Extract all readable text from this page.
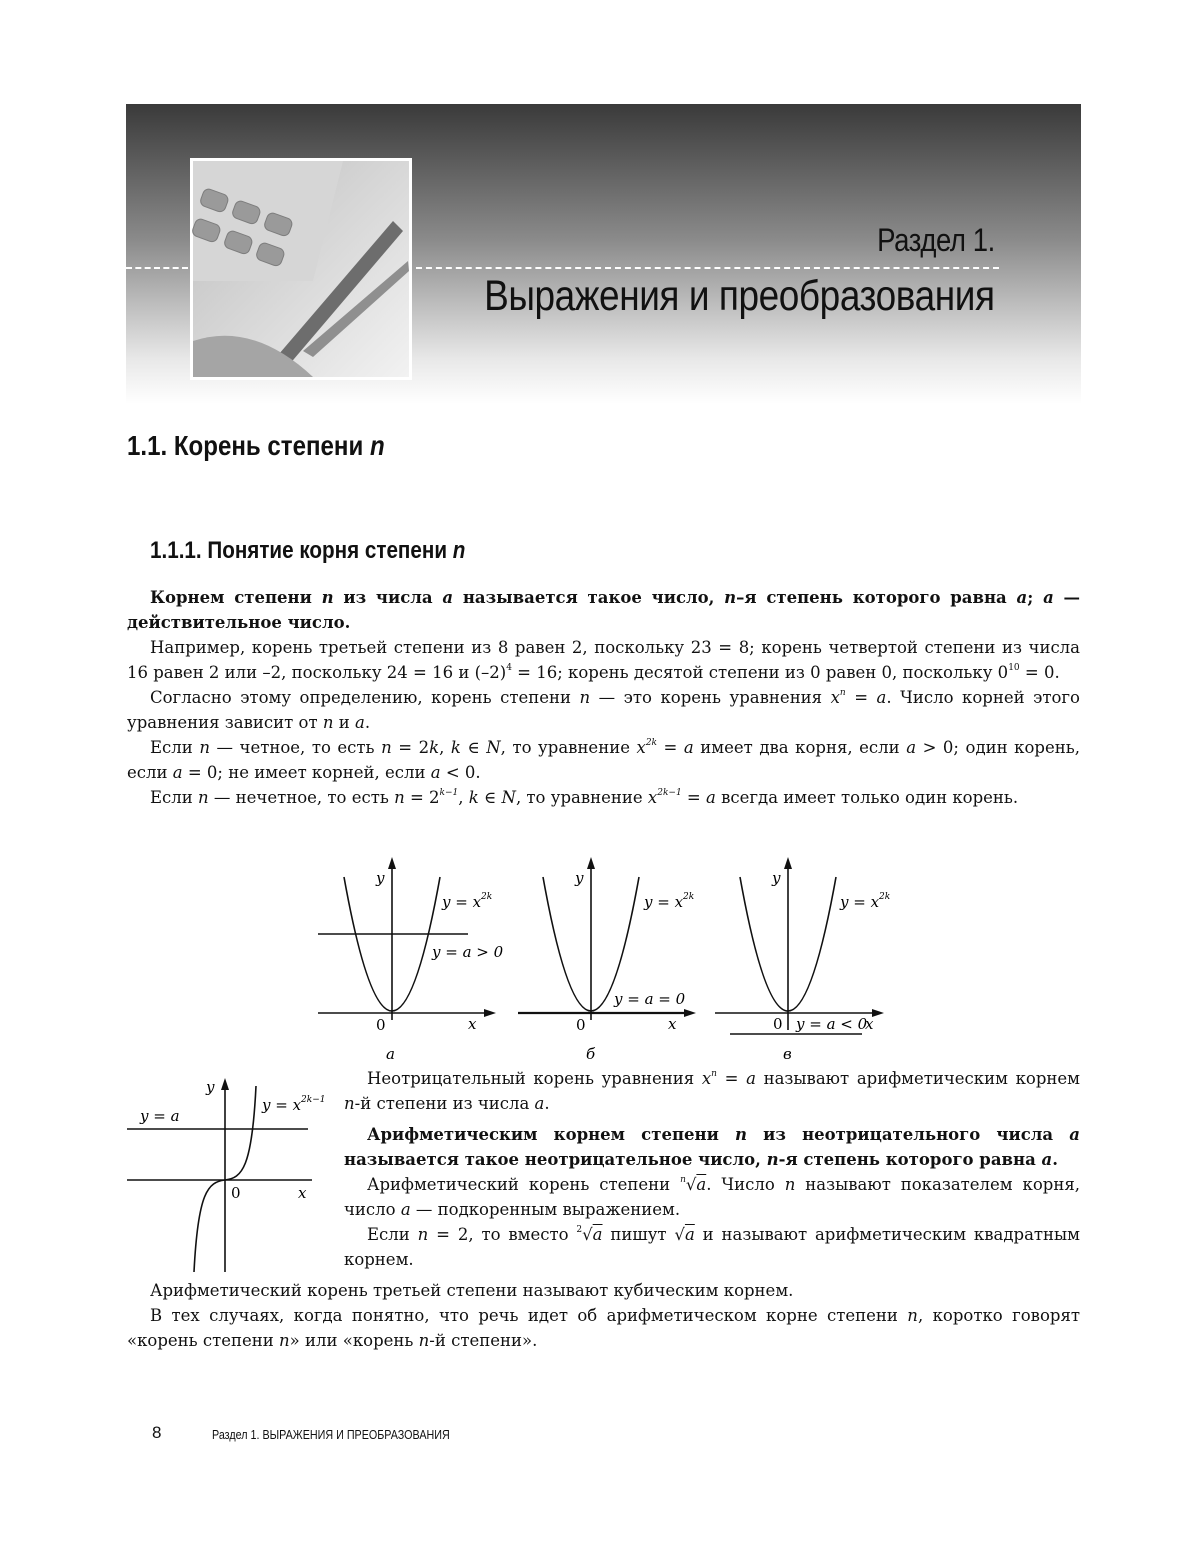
Раздел 1.
Выражения и преобразования
1.1. Корень степени n
1.1.1. Понятие корня степени n

Корнем степени n из числа a называется такое число, n–я степень которого равна a; a — действительное число.

Например, корень третьей степени из 8 равен 2, поскольку 23 = 8; корень четвертой степени из числа 16 равен 2 или –2, поскольку 24 = 16 и $(-2)^4 = 16$; корень десятой степени из 0 равен 0, поскольку $0^{10} = 0$.

Согласно этому определению, корень степени n — это корень уравнения $x^n = a$. Число корней этого уравнения зависит от n и a.

Если n — четное, то есть n = 2k, k ∈ N, то уравнение $x^{2k} = a$ имеет два корня, если a > 0; один корень, если a = 0; не имеет корней, если a < 0.

Если n — нечетное, то есть $n = 2^{k-1}$, k ∈ N, то уравнение $x^{2k-1} = a$ всегда имеет только один корень.

y
$y = x^{2k}$
y = a > 0
0	x
а
y
$y = x^{2k}$
y = a = 0
0	x
б
y
$y = x^{2k}$
y = a < 0
0	x
в
y
$y = x^{2k-1}$
y = a
0	x

Неотрицательный корень уравнения $x^n = a$ называют арифметическим корнем n-й степени из числа a.

Арифметическим корнем степени n из неотрицательного числа a называется такое неотрицательное число, n-я степень которого равна a.

Арифметический корень степени $^n$√a. Число n называют показателем корня, число a — подкоренным выражением.

Если n = 2, то вместо $^2$√a пишут √a и называют арифметическим квадратным корнем.

Арифметический корень третьей степени называют кубическим корнем.

В тех случаях, когда понятно, что речь идет об арифметическом корне степени n, коротко говорят «корень степени n» или «корень n-й степени».

8	Раздел 1. ВЫРАЖЕНИЯ И ПРЕОБРАЗОВАНИЯ
